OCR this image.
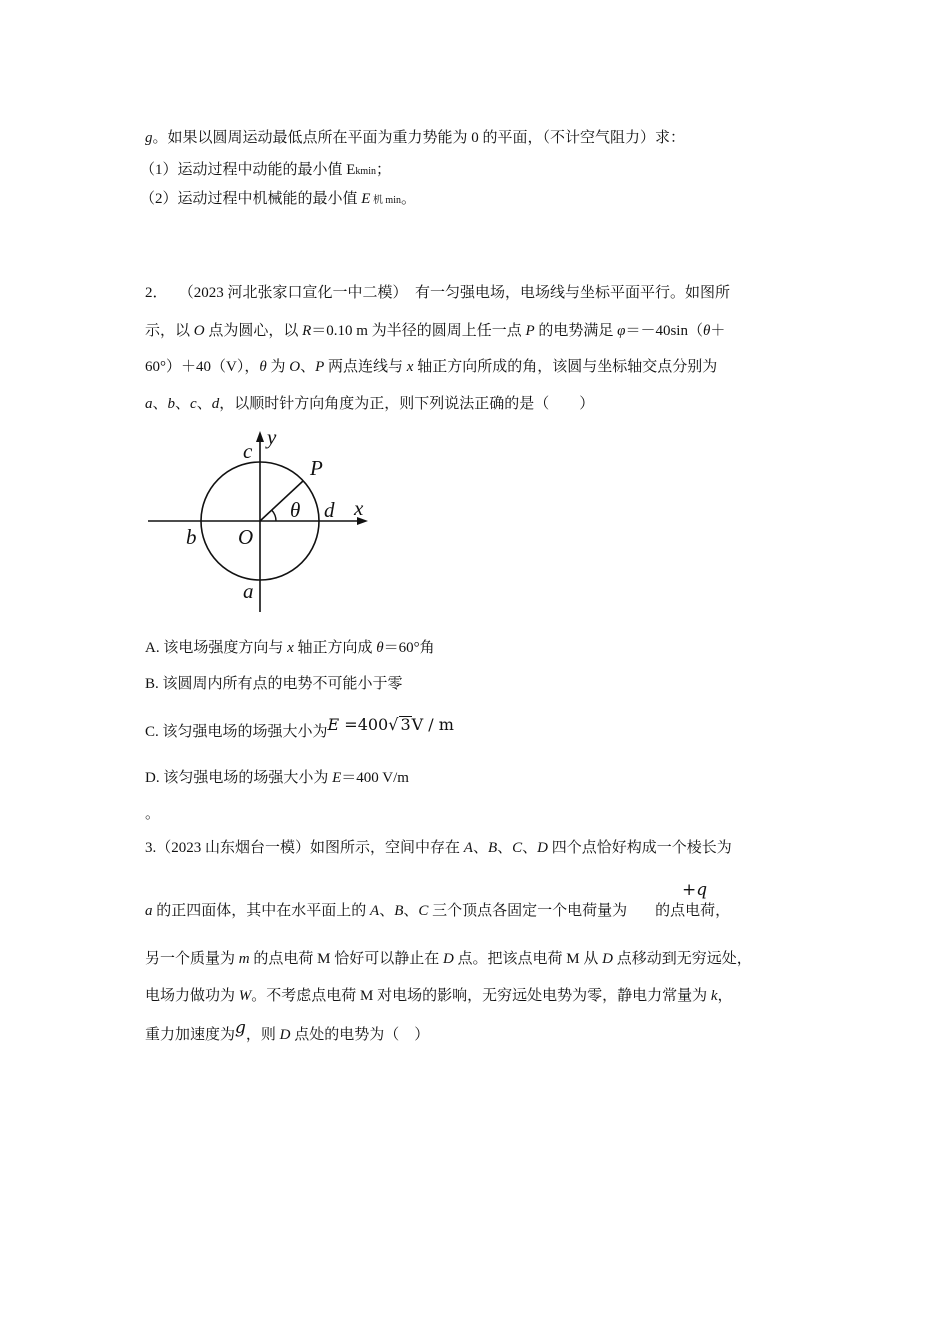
g。如果以圆周运动最低点所在平面为重力势能为 0 的平面，（不计空气阻力）求：
（1）运动过程中动能的最小值 Ekmin；
（2）运动过程中机械能的最小值 E 机 min。
2． （2023 河北张家口宣化一中二模） 有一匀强电场，电场线与坐标平面平行。如图所
示，以 O 点为圆心，以 R＝0.10 m 为半径的圆周上任一点 P 的电势满足 φ＝－40sin（θ＋
60°）＋40（V），θ 为 O、P 两点连线与 x 轴正方向所成的角，该圆与坐标轴交点分别为
a、b、c、d，以顺时针方向角度为正，则下列说法正确的是（　　）
y
c
P
θ d x
b O
a
A. 该电场强度方向与 x 轴正方向成 θ＝60°角
B. 该圆周内所有点的电势不可能小于零
C. 该匀强电场的场强大小为E =400√ 3V / m
D. 该匀强电场的场强大小为 E＝400 V/m
。
3.（2023 山东烟台一模）如图所示，空间中存在 A、B、C、D 四个点恰好构成一个棱长为
+q
a 的正四面体，其中在水平面上的 A、B、C 三个顶点各固定一个电荷量为 的点电荷，
另一个质量为 m 的点电荷 M 恰好可以静止在 D 点。把该点电荷 M 从 D 点移动到无穷远处，
电场力做功为 W。不考虑点电荷 M 对电场的影响，无穷远处电势为零，静电力常量为 k，
重力加速度为g，则 D 点处的电势为（　）
